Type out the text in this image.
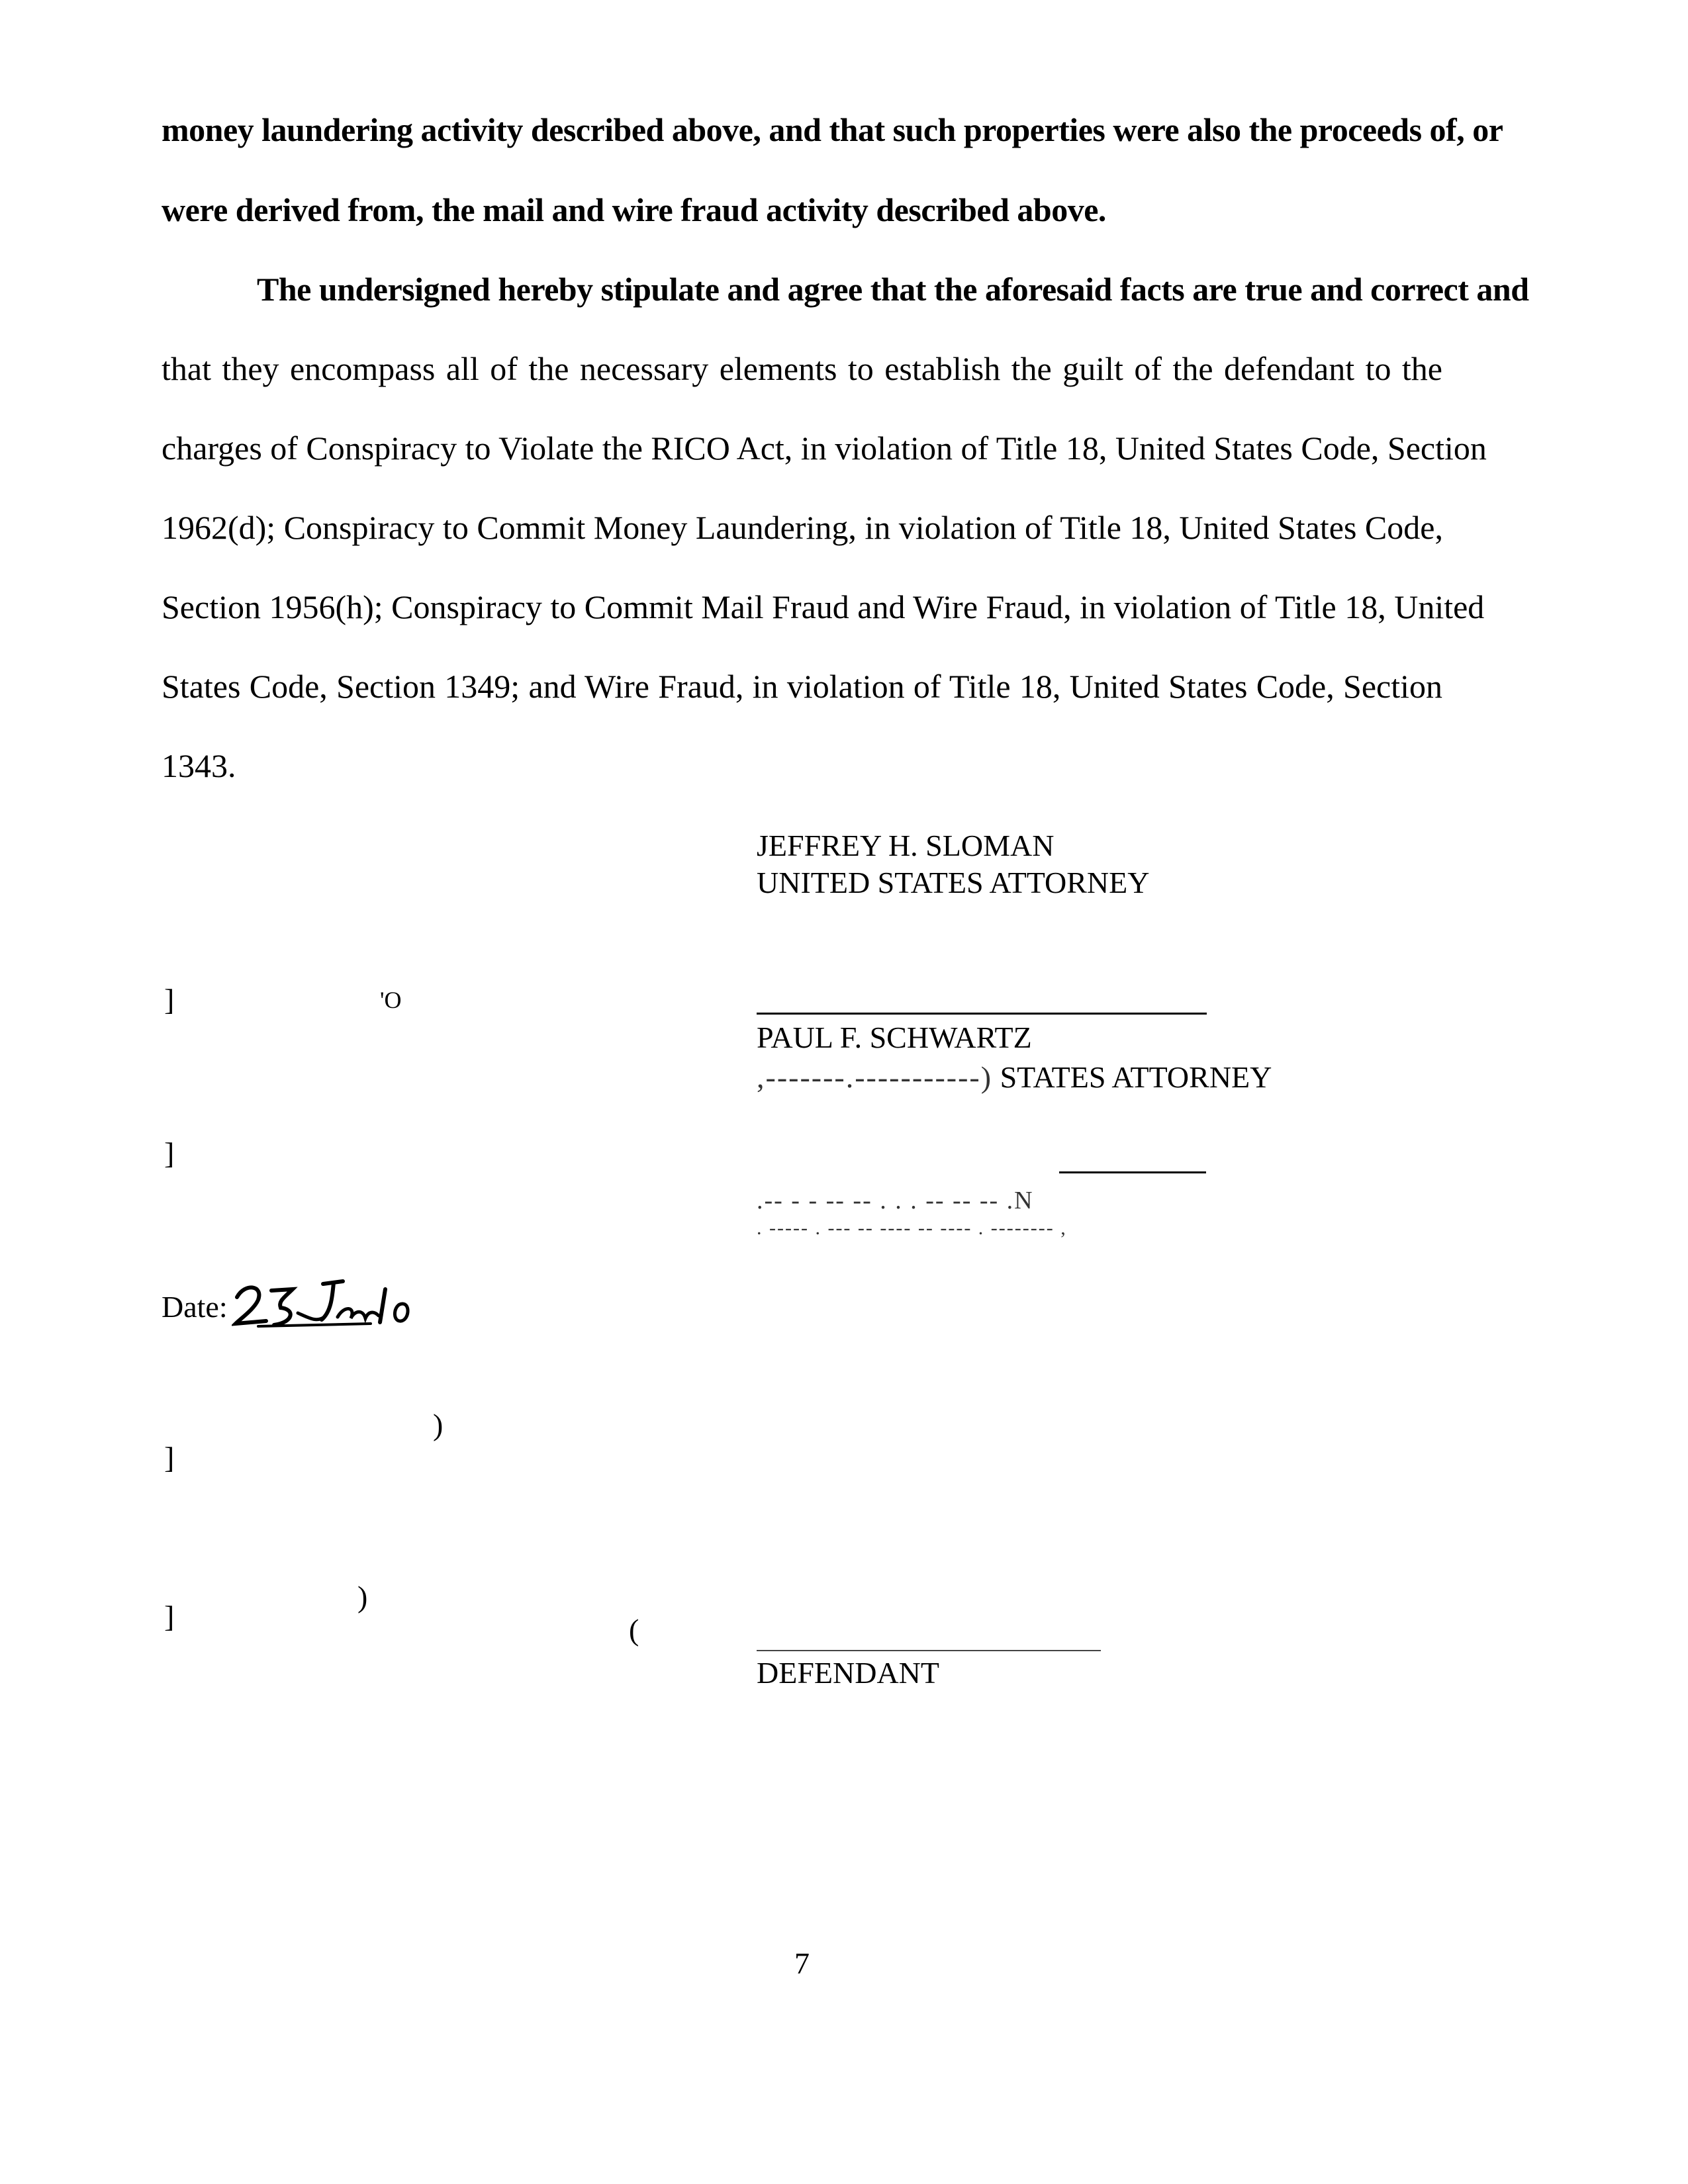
money laundering activity described above, and that such properties were also the proceeds of, or
were derived from, the mail and wire fraud activity described above.
The undersigned hereby stipulate and agree that the aforesaid facts are true and correct and
that they encompass all of the necessary elements to establish the guilt of the defendant to the
charges of Conspiracy to Violate the RICO Act, in violation of Title 18, United States Code, Section
1962(d); Conspiracy to Commit Money Laundering, in violation of Title 18, United States Code,
Section 1956(h); Conspiracy to Commit Mail Fraud and Wire Fraud, in violation of Title 18, United
States Code, Section 1349; and Wire Fraud, in violation of Title 18, United States Code, Section
1343.
JEFFREY H. SLOMAN
UNITED STATES ATTORNEY
PAUL F. SCHWARTZ
,-------.-----------) STATES ATTORNEY
.-- - - -- -- . . . -- -- -- .N
. ----- . --- -- ---- -- ---- . -------- ,
]	'O
]
]
)
]
)
(
Date:
DEFENDANT
7
